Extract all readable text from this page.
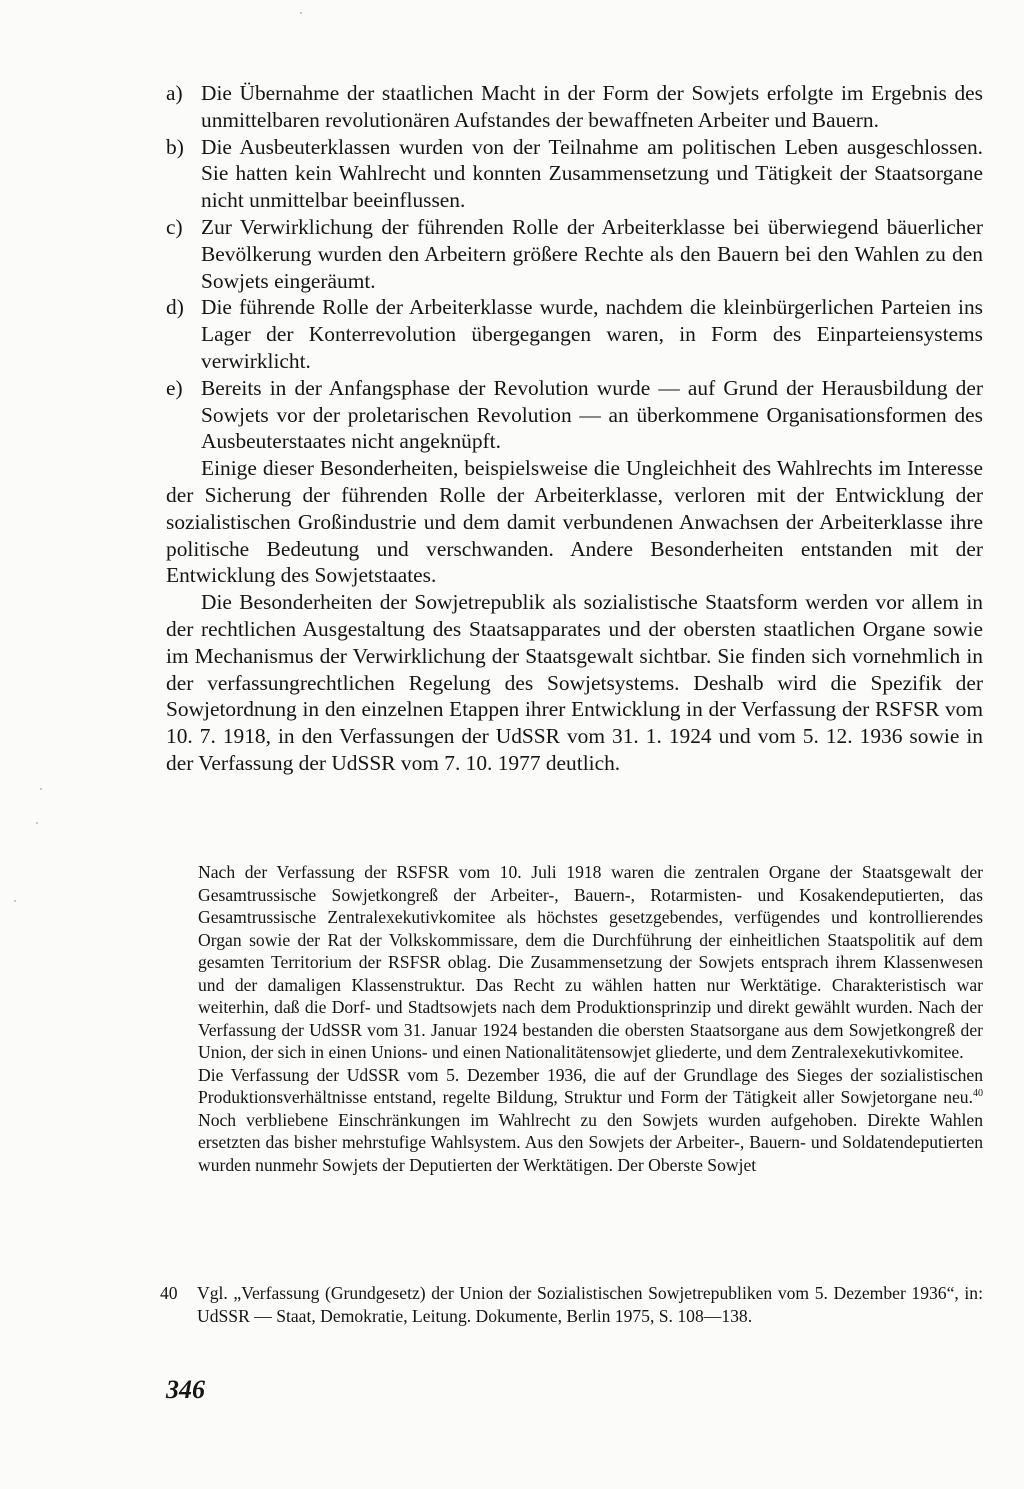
a) Die Übernahme der staatlichen Macht in der Form der Sowjets erfolgte im Ergebnis des unmittelbaren revolutionären Aufstandes der bewaffneten Arbeiter und Bauern.

b) Die Ausbeuterklassen wurden von der Teilnahme am politischen Leben ausgeschlossen. Sie hatten kein Wahlrecht und konnten Zusammensetzung und Tätigkeit der Staatsorgane nicht unmittelbar beeinflussen.

c) Zur Verwirklichung der führenden Rolle der Arbeiterklasse bei überwiegend bäuerlicher Bevölkerung wurden den Arbeitern größere Rechte als den Bauern bei den Wahlen zu den Sowjets eingeräumt.

d) Die führende Rolle der Arbeiterklasse wurde, nachdem die kleinbürgerlichen Parteien ins Lager der Konterrevolution übergegangen waren, in Form des Einparteiensystems verwirklicht.

e) Bereits in der Anfangsphase der Revolution wurde — auf Grund der Herausbildung der Sowjets vor der proletarischen Revolution — an überkommene Organisationsformen des Ausbeuterstaates nicht angeknüpft.

Einige dieser Besonderheiten, beispielsweise die Ungleichheit des Wahlrechts im Interesse der Sicherung der führenden Rolle der Arbeiterklasse, verloren mit der Entwicklung der sozialistischen Großindustrie und dem damit verbundenen Anwachsen der Arbeiterklasse ihre politische Bedeutung und verschwanden. Andere Besonderheiten entstanden mit der Entwicklung des Sowjetstaates.

Die Besonderheiten der Sowjetrepublik als sozialistische Staatsform werden vor allem in der rechtlichen Ausgestaltung des Staatsapparates und der obersten staatlichen Organe sowie im Mechanismus der Verwirklichung der Staatsgewalt sichtbar. Sie finden sich vornehmlich in der verfassungrechtlichen Regelung des Sowjetsystems. Deshalb wird die Spezifik der Sowjetordnung in den einzelnen Etappen ihrer Entwicklung in der Verfassung der RSFSR vom 10. 7. 1918, in den Verfassungen der UdSSR vom 31. 1. 1924 und vom 5. 12. 1936 sowie in der Verfassung der UdSSR vom 7. 10. 1977 deutlich.

Nach der Verfassung der RSFSR vom 10. Juli 1918 waren die zentralen Organe der Staatsgewalt der Gesamtrussische Sowjetkongreß der Arbeiter-, Bauern-, Rotarmisten- und Kosakendeputierten, das Gesamtrussische Zentralexekutivkomitee als höchstes gesetzgebendes, verfügendes und kontrollierendes Organ sowie der Rat der Volkskommissare, dem die Durchführung der einheitlichen Staatspolitik auf dem gesamten Territorium der RSFSR oblag. Die Zusammensetzung der Sowjets entsprach ihrem Klassenwesen und der damaligen Klassenstruktur. Das Recht zu wählen hatten nur Werktätige. Charakteristisch war weiterhin, daß die Dorf- und Stadtsowjets nach dem Produktionsprinzip und direkt gewählt wurden. Nach der Verfassung der UdSSR vom 31. Januar 1924 bestanden die obersten Staatsorgane aus dem Sowjetkongreß der Union, der sich in einen Unions- und einen Nationalitätensowjet gliederte, und dem Zentralexekutivkomitee.

Die Verfassung der UdSSR vom 5. Dezember 1936, die auf der Grundlage des Sieges der sozialistischen Produktionsverhältnisse entstand, regelte Bildung, Struktur und Form der Tätigkeit aller Sowjetorgane neu.$^{40}$ Noch verbliebene Einschränkungen im Wahlrecht zu den Sowjets wurden aufgehoben. Direkte Wahlen ersetzten das bisher mehrstufige Wahlsystem. Aus den Sowjets der Arbeiter-, Bauern- und Soldatendeputierten wurden nunmehr Sowjets der Deputierten der Werktätigen. Der Oberste Sowjet

40 Vgl. „Verfassung (Grundgesetz) der Union der Sozialistischen Sowjetrepubliken vom 5. Dezember 1936“, in: UdSSR — Staat, Demokratie, Leitung. Dokumente, Berlin 1975, S. 108—138.

346
